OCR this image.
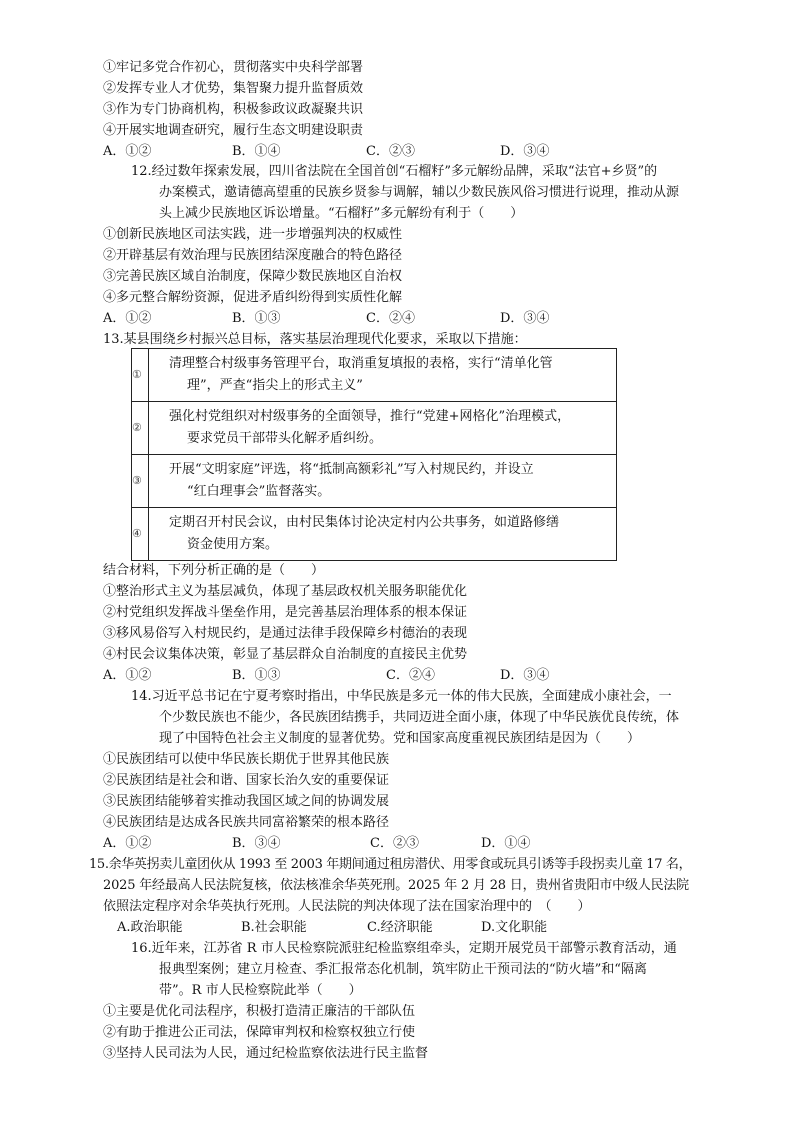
①牢记多党合作初心，贯彻落实中央科学部署
②发挥专业人才优势，集智聚力提升监督质效
③作为专门协商机构，积极参政议政凝聚共识
④开展实地调查研究，履行生态文明建设职责
A．①②	B．①④	C．②③	D．③④
12.经过数年探索发展，四川省法院在全国首创“石榴籽”多元解纷品牌，采取“法官+乡贤”的
办案模式，邀请德高望重的民族乡贤参与调解，辅以少数民族风俗习惯进行说理，推动从源
头上减少民族地区诉讼增量。“石榴籽”多元解纷有利于（　　）
①创新民族地区司法实践，进一步增强判决的权威性
②开辟基层有效治理与民族团结深度融合的特色路径
③完善民族区域自治制度，保障少数民族地区自治权
④多元整合解纷资源，促进矛盾纠纷得到实质性化解
A．①②	B．①③	C．②④	D．③④
13.某县围绕乡村振兴总目标，落实基层治理现代化要求，采取以下措施：
①	清理整合村级事务管理平台，取消重复填报的表格，实行“清单化管
理”，严查“指尖上的形式主义”

②	强化村党组织对村级事务的全面领导，推行“党建+网格化”治理模式，
要求党员干部带头化解矛盾纠纷。

③	开展“文明家庭”评选，将“抵制高额彩礼”写入村规民约，并设立
“红白理事会”监督落实。

④	定期召开村民会议，由村民集体讨论决定村内公共事务，如道路修缮
资金使用方案。
结合材料，下列分析正确的是（　　）
①整治形式主义为基层减负，体现了基层政权机关服务职能优化
②村党组织发挥战斗堡垒作用，是完善基层治理体系的根本保证
③移风易俗写入村规民约，是通过法律手段保障乡村德治的表现
④村民会议集体决策，彰显了基层群众自治制度的直接民主优势
A．①②	B．①③	C．②④	D．③④
14.习近平总书记在宁夏考察时指出，中华民族是多元一体的伟大民族，全面建成小康社会，一
个少数民族也不能少，各民族团结携手，共同迈进全面小康，体现了中华民族优良传统，体
现了中国特色社会主义制度的显著优势。党和国家高度重视民族团结是因为（　　）
①民族团结可以使中华民族长期优于世界其他民族
②民族团结是社会和谐、国家长治久安的重要保证
③民族团结能够着实推动我国区域之间的协调发展
④民族团结是达成各民族共同富裕繁荣的根本路径
A．①②	B．③④	C．②③	D．①④
15.余华英拐卖儿童团伙从 1993 至 2003 年期间通过租房潜伏、用零食或玩具引诱等手段拐卖儿童 17 名，
2025 年经最高人民法院复核，依法核准余华英死刑。2025 年 2 月 28 日，贵州省贵阳市中级人民法院
依照法定程序对余华英执行死刑。人民法院的判决体现了法在国家治理中的　（　　）
A.政治职能	B.社会职能	C.经济职能	D.文化职能
16.近年来，江苏省 R 市人民检察院派驻纪检监察组牵头，定期开展党员干部警示教育活动，通
报典型案例；建立月检查、季汇报常态化机制，筑牢防止干预司法的“防火墙”和“隔离
带”。R 市人民检察院此举（　　）
①主要是优化司法程序，积极打造清正廉洁的干部队伍
②有助于推进公正司法，保障审判权和检察权独立行使
③坚持人民司法为人民，通过纪检监察依法进行民主监督
